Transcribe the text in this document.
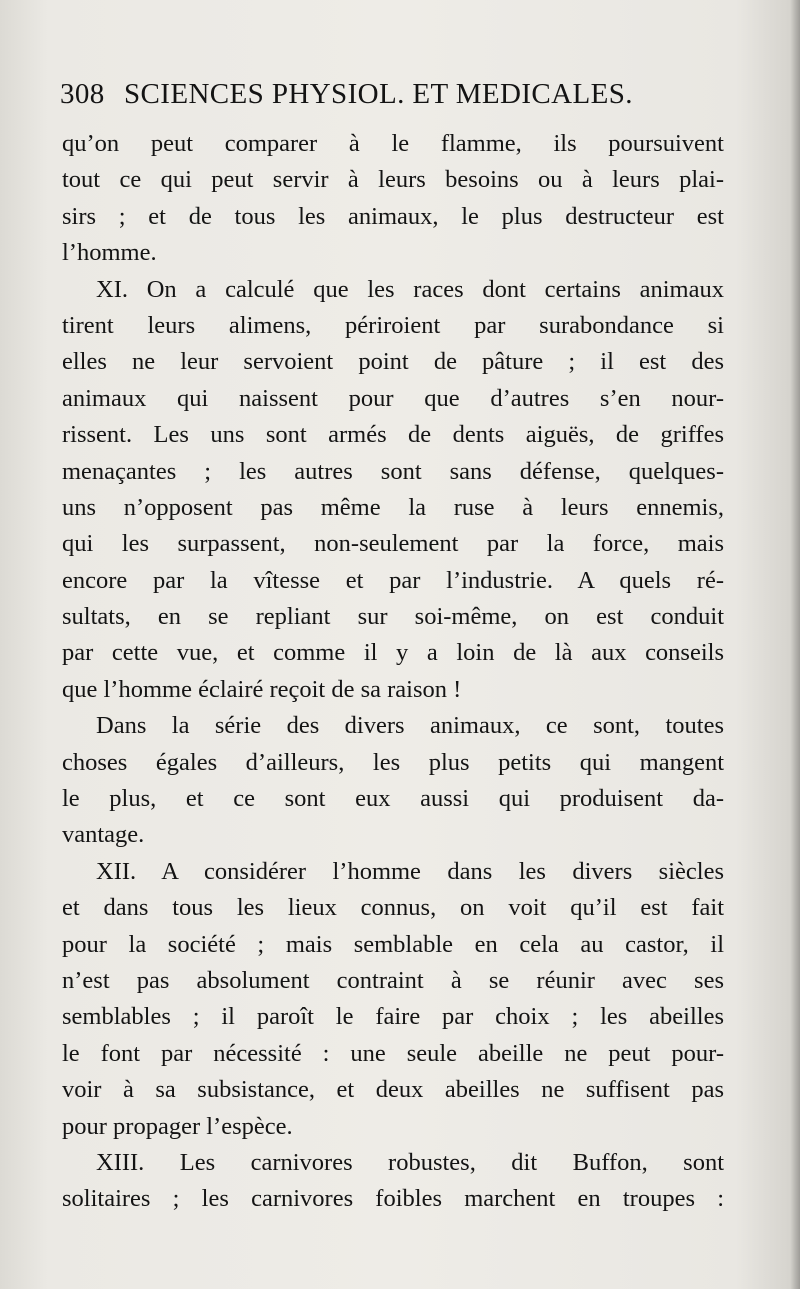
308 SCIENCES PHYSIOL. ET MEDICALES.
qu’on peut comparer à le flamme, ils poursuivent
tout ce qui peut servir à leurs besoins ou à leurs plai-
sirs ; et de tous les animaux, le plus destructeur est
l’homme.
XI. On a calculé que les races dont certains animaux
tirent leurs alimens, périroient par surabondance si
elles ne leur servoient point de pâture ; il est des
animaux qui naissent pour que d’autres s’en nour-
rissent. Les uns sont armés de dents aiguës, de griffes
menaçantes ; les autres sont sans défense, quelques-
uns n’opposent pas même la ruse à leurs ennemis,
qui les surpassent, non-seulement par la force, mais
encore par la vîtesse et par l’industrie. A quels ré-
sultats, en se repliant sur soi-même, on est conduit
par cette vue, et comme il y a loin de là aux conseils
que l’homme éclairé reçoit de sa raison !
Dans la série des divers animaux, ce sont, toutes
choses égales d’ailleurs, les plus petits qui mangent
le plus, et ce sont eux aussi qui produisent da-
vantage.
XII. A considérer l’homme dans les divers siècles
et dans tous les lieux connus, on voit qu’il est fait
pour la société ; mais semblable en cela au castor, il
n’est pas absolument contraint à se réunir avec ses
semblables ; il paroît le faire par choix ; les abeilles
le font par nécessité : une seule abeille ne peut pour-
voir à sa subsistance, et deux abeilles ne suffisent pas
pour propager l’espèce.
XIII. Les carnivores robustes, dit Buffon, sont
solitaires ; les carnivores foibles marchent en troupes :
